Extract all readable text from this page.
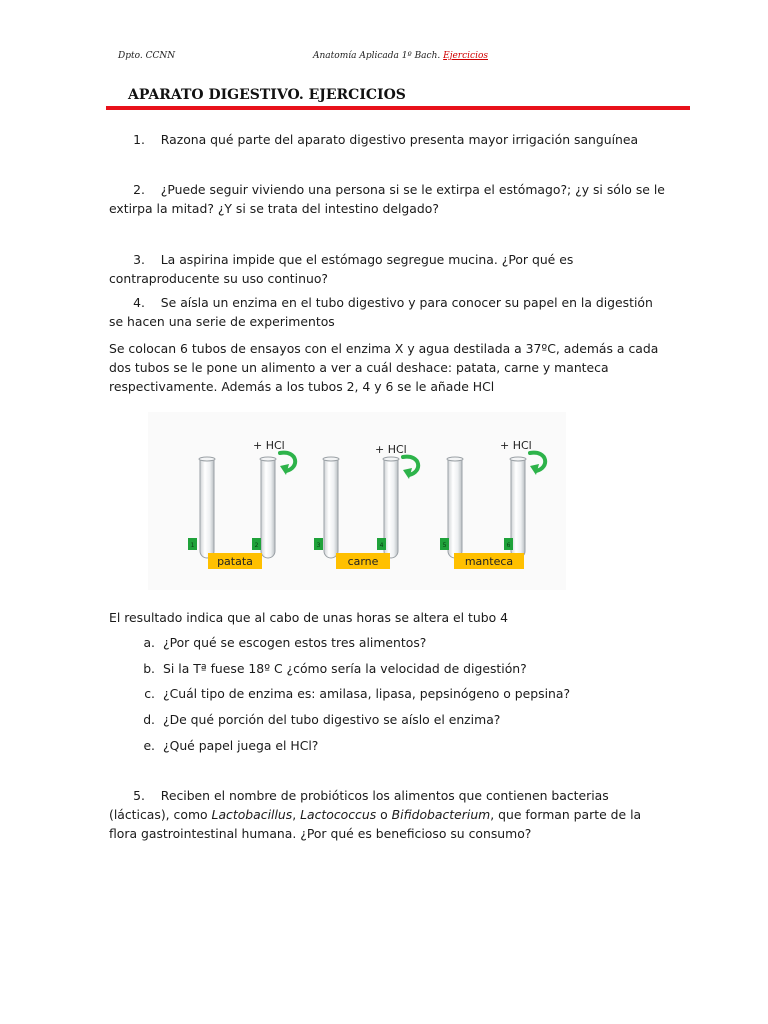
Dpto. CCNN	Anatomía Aplicada 1º Bach. Ejercicios
APARATO DIGESTIVO. EJERCICIOS

1. Razona qué parte del aparato digestivo presenta mayor irrigación sanguínea

2. ¿Puede seguir viviendo una persona si se le extirpa el estómago?; ¿y si sólo se le extirpa la mitad? ¿Y si se trata del intestino delgado?

3. La aspirina impide que el estómago segregue mucina. ¿Por qué es contraproducente su uso continuo?

4. Se aísla un enzima en el tubo digestivo y para conocer su papel en la digestión se hacen una serie de experimentos

Se colocan 6 tubos de ensayos con el enzima X y agua destilada a 37ºC, además a cada dos tubos se le pone un alimento a ver a cuál deshace: patata, carne y manteca respectivamente. Además a los tubos 2, 4 y 6 se le añade HCl

1	2	3	4	5	6
patata	carne	manteca
+ HCl	+ HCl	+ HCl
El resultado indica que al cabo de unas horas se altera el tubo 4
a. ¿Por qué se escogen estos tres alimentos?
b. Si la Tª fuese 18º C ¿cómo sería la velocidad de digestión?
c. ¿Cuál tipo de enzima es: amilasa, lipasa, pepsinógeno o pepsina?
d. ¿De qué porción del tubo digestivo se aíslo el enzima?
e. ¿Qué papel juega el HCl?

5. Reciben el nombre de probióticos los alimentos que contienen bacterias (lácticas), como Lactobacillus, Lactococcus o Bifidobacterium, que forman parte de la flora gastrointestinal humana. ¿Por qué es beneficioso su consumo?
